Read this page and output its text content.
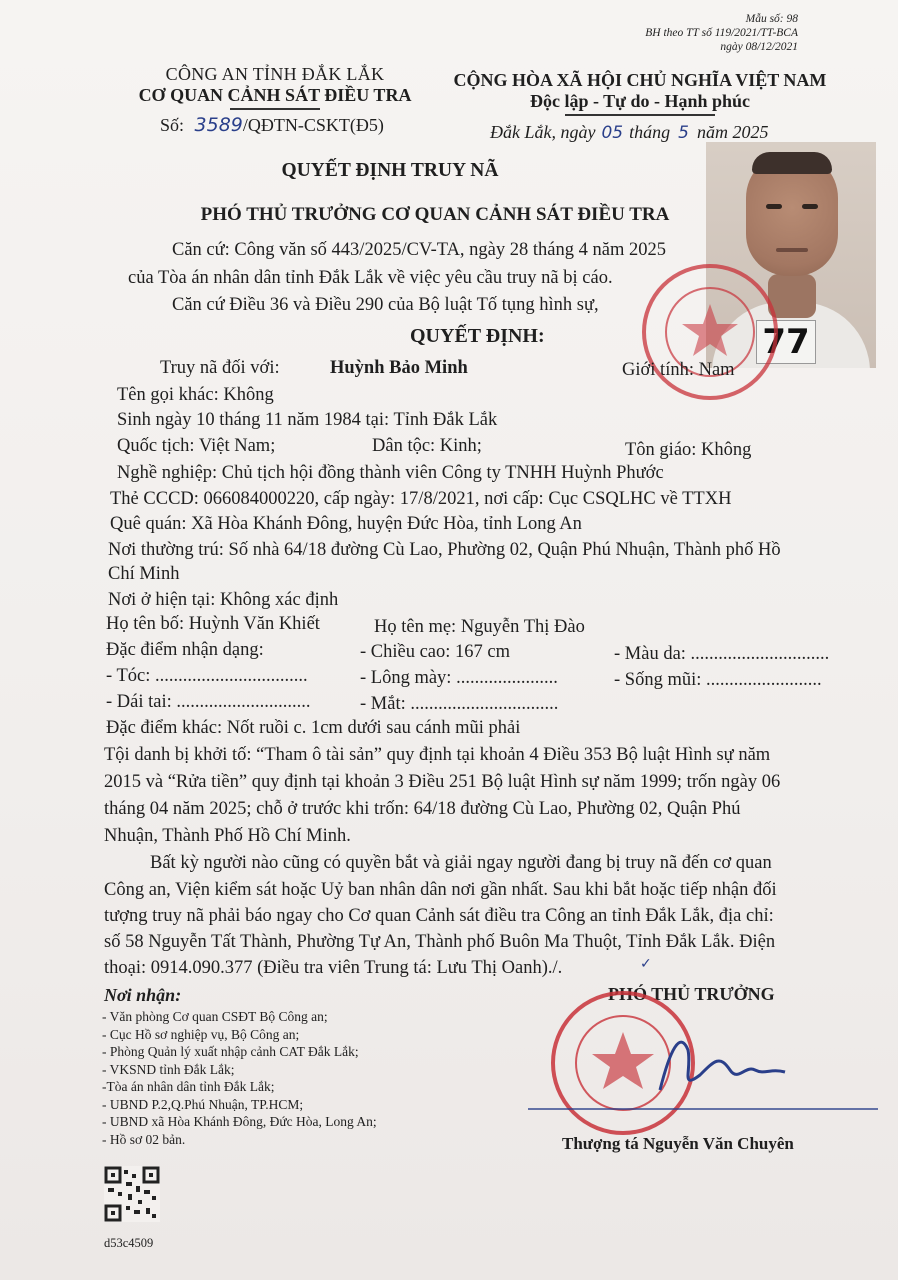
Mẫu số: 98
BH theo TT số 119/2021/TT-BCA
ngày 08/12/2021
CÔNG AN TỈNH ĐẮK LẮK
CƠ QUAN CẢNH SÁT ĐIỀU TRA
Số: 3589/QĐTN-CSKT(Đ5)
CỘNG HÒA XÃ HỘI CHỦ NGHĨA VIỆT NAM
Độc lập - Tự do - Hạnh phúc
Đắk Lắk, ngày 05 tháng 5 năm 2025
77
QUYẾT ĐỊNH TRUY NÃ
PHÓ THỦ TRƯỞNG CƠ QUAN CẢNH SÁT ĐIỀU TRA
Căn cứ: Công văn số 443/2025/CV-TA, ngày 28 tháng 4 năm 2025
của Tòa án nhân dân tỉnh Đắk Lắk về việc yêu cầu truy nã bị cáo.
Căn cứ Điều 36 và Điều 290 của Bộ luật Tố tụng hình sự,
QUYẾT ĐỊNH:
Truy nã đối với:	Huỳnh Bảo Minh	Giới tính: Nam
Tên gọi khác: Không
Sinh ngày 10 tháng 11 năm 1984 tại: Tỉnh Đắk Lắk
Quốc tịch: Việt Nam;	Dân tộc: Kinh;	Tôn giáo: Không
Nghề nghiệp: Chủ tịch hội đồng thành viên Công ty TNHH Huỳnh Phước
Thẻ CCCD: 066084000220, cấp ngày: 17/8/2021, nơi cấp: Cục CSQLHC về TTXH
Quê quán: Xã Hòa Khánh Đông, huyện Đức Hòa, tỉnh Long An
Nơi thường trú: Số nhà 64/18 đường Cù Lao, Phường 02, Quận Phú Nhuận, Thành phố Hồ
Chí Minh
Nơi ở hiện tại: Không xác định
Họ tên bố: Huỳnh Văn Khiết	Họ tên mẹ: Nguyễn Thị Đào
Đặc điểm nhận dạng:	- Chiều cao: 167 cm	- Màu da: ..............................
- Tóc: .................................	- Lông mày: ......................	- Sống mũi: .........................
- Dái tai: .............................	- Mắt: ................................
Đặc điểm khác: Nốt ruồi c. 1cm dưới sau cánh mũi phải
Tội danh bị khởi tố: “Tham ô tài sản” quy định tại khoản 4 Điều 353 Bộ luật Hình sự năm
2015 và “Rửa tiền” quy định tại khoản 3 Điều 251 Bộ luật Hình sự năm 1999; trốn ngày 06
tháng 04 năm 2025; chỗ ở trước khi trốn: 64/18 đường Cù Lao, Phường 02, Quận Phú
Nhuận, Thành Phố Hồ Chí Minh.
Bất kỳ người nào cũng có quyền bắt và giải ngay người đang bị truy nã đến cơ quan
Công an, Viện kiểm sát hoặc Uỷ ban nhân dân nơi gần nhất. Sau khi bắt hoặc tiếp nhận đối
tượng truy nã phải báo ngay cho Cơ quan Cảnh sát điều tra Công an tỉnh Đắk Lắk, địa chỉ:
số 58 Nguyễn Tất Thành, Phường Tự An, Thành phố Buôn Ma Thuột, Tỉnh Đắk Lắk. Điện
thoại: 0914.090.377 (Điều tra viên Trung tá: Lưu Thị Oanh)./.	✓
Nơi nhận:
- Văn phòng Cơ quan CSĐT Bộ Công an;
- Cục Hồ sơ nghiệp vụ, Bộ Công an;
- Phòng Quản lý xuất nhập cảnh CAT Đắk Lắk;
- VKSND tỉnh Đắk Lắk;
-Tòa án nhân dân tỉnh Đắk Lắk;
- UBND P.2,Q.Phú Nhuận, TP.HCM;
- UBND xã Hòa Khánh Đông, Đức Hòa, Long An;
- Hồ sơ 02 bản.
d53c4509
PHÓ THỦ TRƯỞNG
Thượng tá Nguyễn Văn Chuyên
